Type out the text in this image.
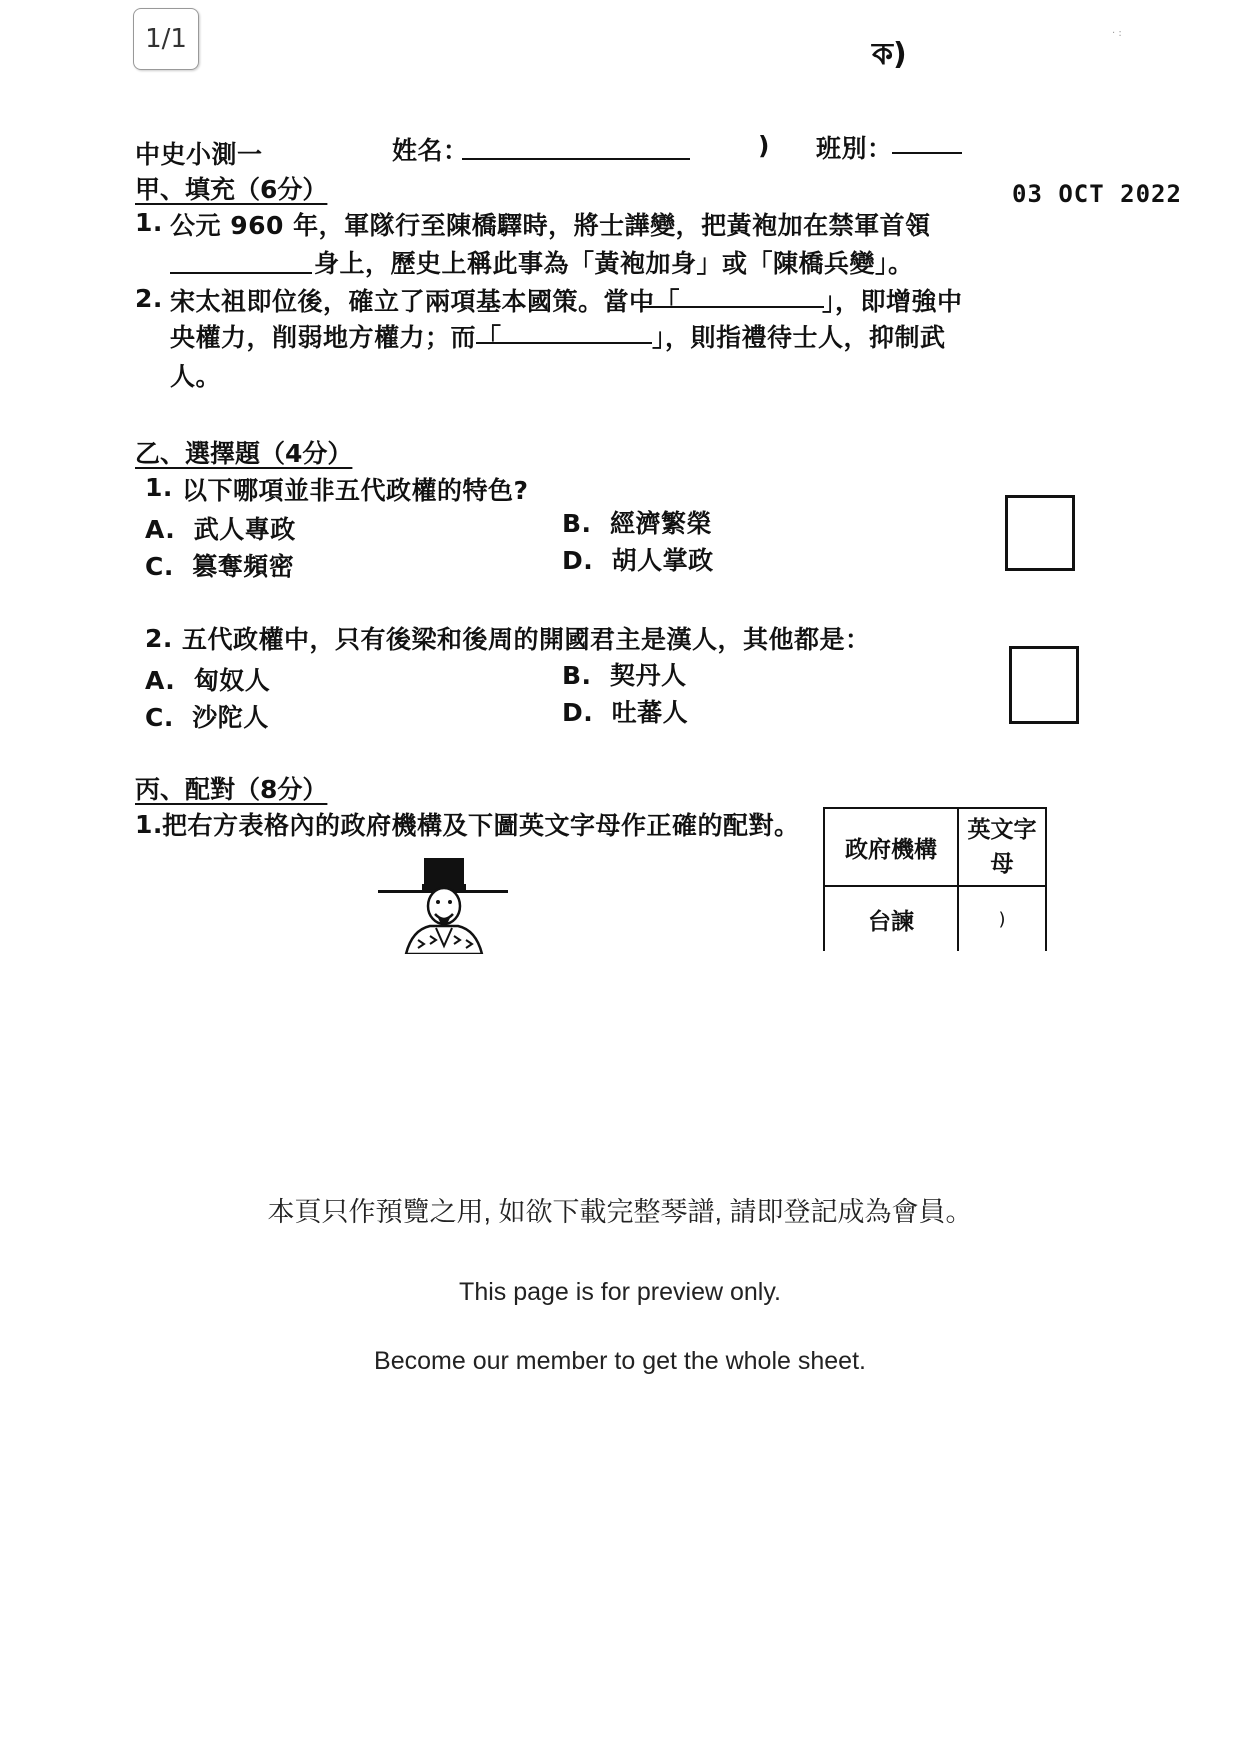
1/1	ক)
· :
中史小測一	姓名：	) 班別：
03 OCT 2022
甲、填充（6分）
1. 公元 960 年，軍隊行至陳橋驛時，將士譁變，把黃袍加在禁軍首領
身上，歷史上稱此事為「黃袍加身」或「陳橋兵變」。
2. 宋太祖即位後，確立了兩項基本國策。當中「	」，即增強中
央權力，削弱地方權力；而「	」，則指禮待士人，抑制武
人。
乙、選擇題（4分）
1. 以下哪項並非五代政權的特色?
A. 武人專政	B. 經濟繁榮
C. 篡奪頻密	D. 胡人掌政
2. 五代政權中，只有後梁和後周的開國君主是漢人，其他都是：
A. 匈奴人	B. 契丹人
C. 沙陀人	D. 吐蕃人
丙、配對（8分）
1. 把右方表格內的政府機構及下圖英文字母作正確的配對。
政府機構	英文字
母
台諫	)
本頁只作預覽之用, 如欲下載完整琴譜, 請即登記成為會員。
This page is for preview only.
Become our member to get the whole sheet.
